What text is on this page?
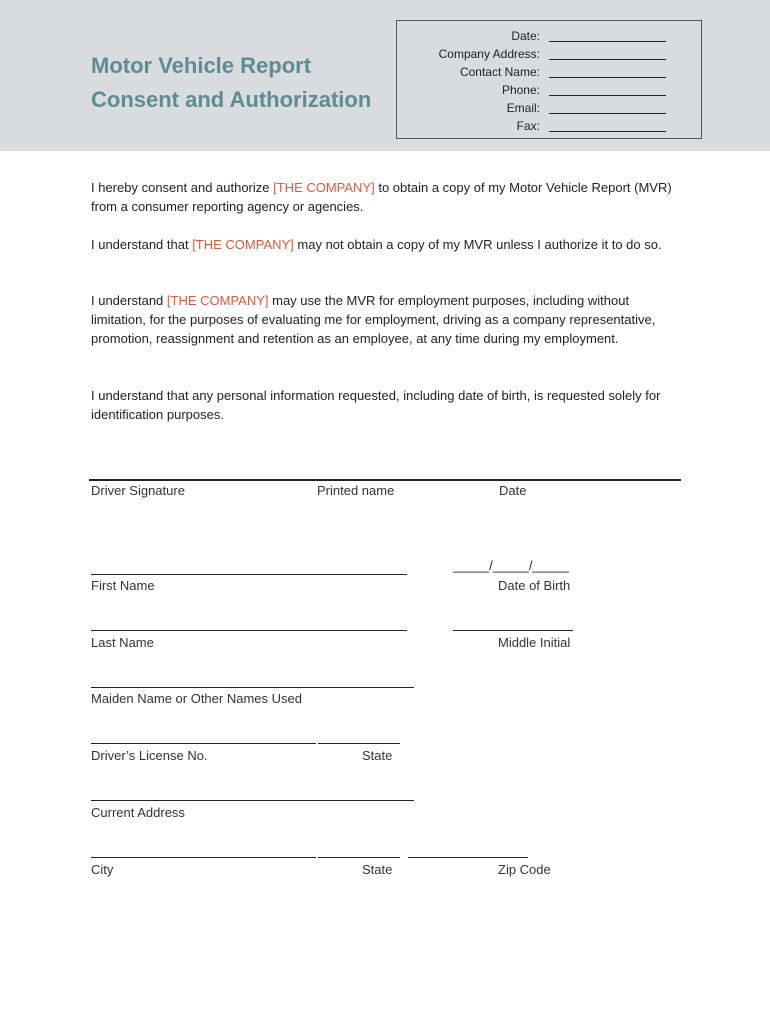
Motor Vehicle Report
Consent and Authorization
Date:
Company Address:
Contact Name:
Phone:
Email:
Fax:
I hereby consent and authorize [THE COMPANY] to obtain a copy of my Motor Vehicle Report (MVR) from a consumer reporting agency or agencies.
I understand that [THE COMPANY] may not obtain a copy of my MVR unless I authorize it to do so.
I understand [THE COMPANY] may use the MVR for employment purposes, including without limitation, for the purposes of evaluating me for employment, driving as a company representative, promotion, reassignment and retention as an employee, at any time during my employment.
I understand that any personal information requested, including date of birth, is requested solely for identification purposes.
Driver Signature	Printed name	Date
_____/_____/_____
First Name	Date of Birth
Last Name	Middle Initial
Maiden Name or Other Names Used
Driver’s License No.	State
Current Address
City	State	Zip Code
